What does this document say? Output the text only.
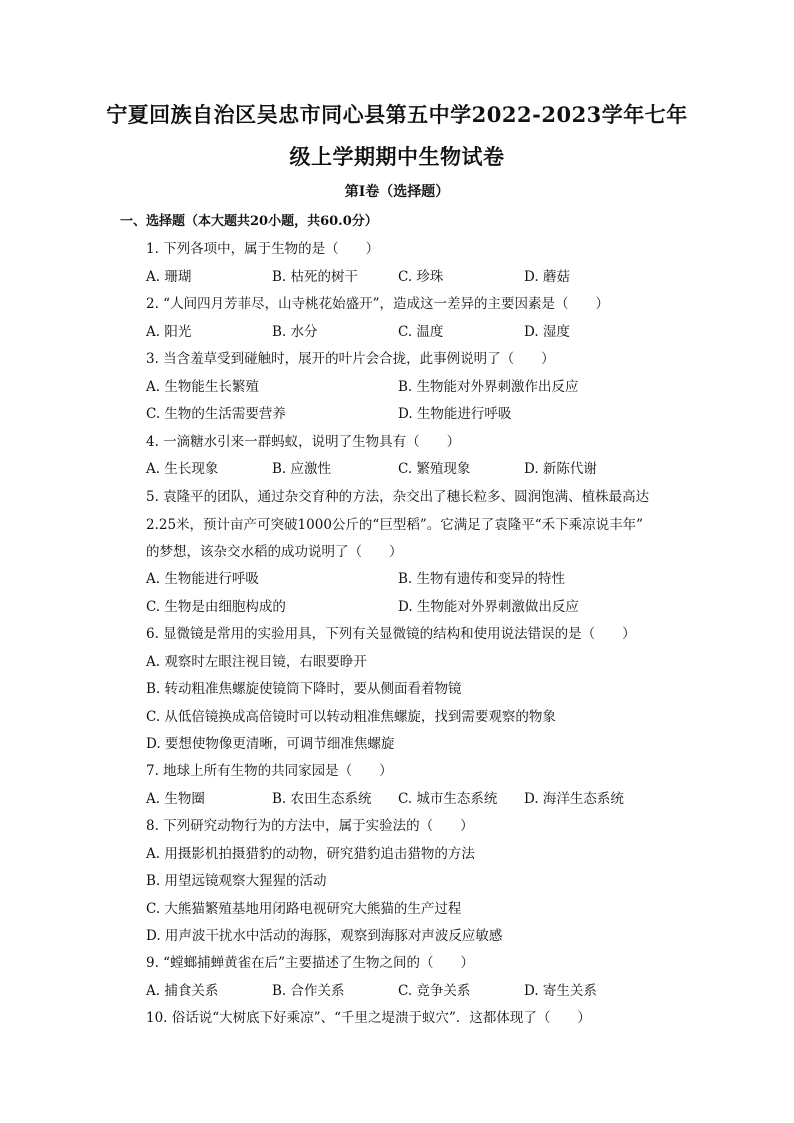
宁夏回族自治区吴忠市同心县第五中学2022-2023学年七年
级上学期期中生物试卷
第I卷（选择题）
一、选择题（本大题共20小题，共60.0分）
1. 下列各项中，属于生物的是（　　）
A. 珊瑚	B. 枯死的树干	C. 珍珠	D. 蘑菇
2. “人间四月芳菲尽，山寺桃花始盛开”，造成这一差异的主要因素是（　　）
A. 阳光	B. 水分	C. 温度	D. 湿度
3. 当含羞草受到碰触时，展开的叶片会合拢，此事例说明了（　　）
A. 生物能生长繁殖	B. 生物能对外界刺激作出反应
C. 生物的生活需要营养	D. 生物能进行呼吸
4. 一滴糖水引来一群蚂蚁，说明了生物具有（　　）
A. 生长现象	B. 应激性	C. 繁殖现象	D. 新陈代谢
5. 袁隆平的团队，通过杂交育种的方法，杂交出了穗长粒多、圆润饱满、植株最高达
2.25米，预计亩产可突破1000公斤的“巨型稻”。它满足了袁隆平“禾下乘凉说丰年”
的梦想，该杂交水稻的成功说明了（　　）
A. 生物能进行呼吸	B. 生物有遗传和变异的特性
C. 生物是由细胞构成的	D. 生物能对外界刺激做出反应
6. 显微镜是常用的实验用具，下列有关显微镜的结构和使用说法错误的是（　　）
A. 观察时左眼注视目镜，右眼要睁开
B. 转动粗准焦螺旋使镜筒下降时，要从侧面看着物镜
C. 从低倍镜换成高倍镜时可以转动粗准焦螺旋，找到需要观察的物象
D. 要想使物像更清晰，可调节细准焦螺旋
7. 地球上所有生物的共同家园是（　　）
A. 生物圈	B. 农田生态系统 C. 城市生态系统 D. 海洋生态系统
8. 下列研究动物行为的方法中，属于实验法的（　　）
A. 用摄影机拍摄猎豹的动物，研究猎豹追击猎物的方法
B. 用望远镜观察大猩猩的活动
C. 大熊猫繁殖基地用闭路电视研究大熊猫的生产过程
D. 用声波干扰水中活动的海豚，观察到海豚对声波反应敏感
9. “螳螂捕蝉黄雀在后”主要描述了生物之间的（　　）
A. 捕食关系	B. 合作关系	C. 竞争关系	D. 寄生关系
10. 俗话说“大树底下好乘凉”、“千里之堤溃于蚁穴”．这都体现了（　　）
